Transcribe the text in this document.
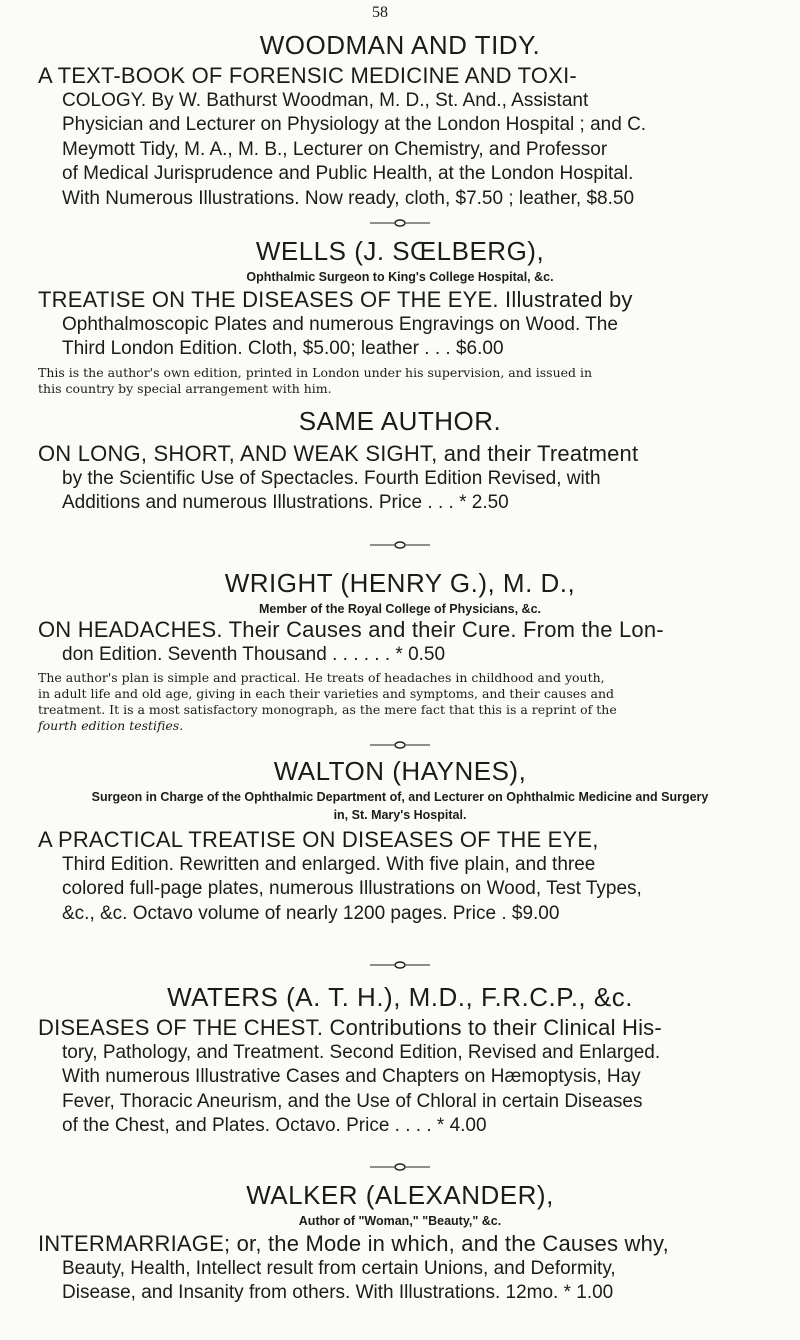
58
WOODMAN AND TIDY.
A TEXT-BOOK OF FORENSIC MEDICINE AND TOXI-
COLOGY. By W. Bathurst Woodman, M. D., St. And., Assistant
Physician and Lecturer on Physiology at the London Hospital ; and C.
Meymott Tidy, M. A., M. B., Lecturer on Chemistry, and Professor
of Medical Jurisprudence and Public Health, at the London Hospital.
With Numerous Illustrations. Now ready, cloth, $7.50 ; leather, $8.50
WELLS (J. SŒLBERG),
Ophthalmic Surgeon to King's College Hospital, &c.
TREATISE ON THE DISEASES OF THE EYE. Illustrated by
Ophthalmoscopic Plates and numerous Engravings on Wood. The
Third London Edition. Cloth, $5.00; leather . . . $6.00
This is the author's own edition, printed in London under his supervision, and issued in
this country by special arrangement with him.
SAME AUTHOR.
ON LONG, SHORT, AND WEAK SIGHT, and their Treatment
by the Scientific Use of Spectacles. Fourth Edition Revised, with
Additions and numerous Illustrations. Price . . . * 2.50
WRIGHT (HENRY G.), M. D.,
Member of the Royal College of Physicians, &c.
ON HEADACHES. Their Causes and their Cure. From the Lon-
don Edition. Seventh Thousand . . . . . . * 0.50
The author's plan is simple and practical. He treats of headaches in childhood and youth,
in adult life and old age, giving in each their varieties and symptoms, and their causes and
treatment. It is a most satisfactory monograph, as the mere fact that this is a reprint of the
fourth edition testifies.
WALTON (HAYNES),
Surgeon in Charge of the Ophthalmic Department of, and Lecturer on Ophthalmic Medicine and Surgery
in, St. Mary's Hospital.
A PRACTICAL TREATISE ON DISEASES OF THE EYE,
Third Edition. Rewritten and enlarged. With five plain, and three
colored full-page plates, numerous Illustrations on Wood, Test Types,
&c., &c. Octavo volume of nearly 1200 pages. Price . $9.00
WATERS (A. T. H.), M.D., F.R.C.P., &c.
DISEASES OF THE CHEST. Contributions to their Clinical His-
tory, Pathology, and Treatment. Second Edition, Revised and Enlarged.
With numerous Illustrative Cases and Chapters on Hæmoptysis, Hay
Fever, Thoracic Aneurism, and the Use of Chloral in certain Diseases
of the Chest, and Plates. Octavo. Price . . . . * 4.00
WALKER (ALEXANDER),
Author of "Woman," "Beauty," &c.
INTERMARRIAGE; or, the Mode in which, and the Causes why,
Beauty, Health, Intellect result from certain Unions, and Deformity,
Disease, and Insanity from others. With Illustrations. 12mo. * 1.00
